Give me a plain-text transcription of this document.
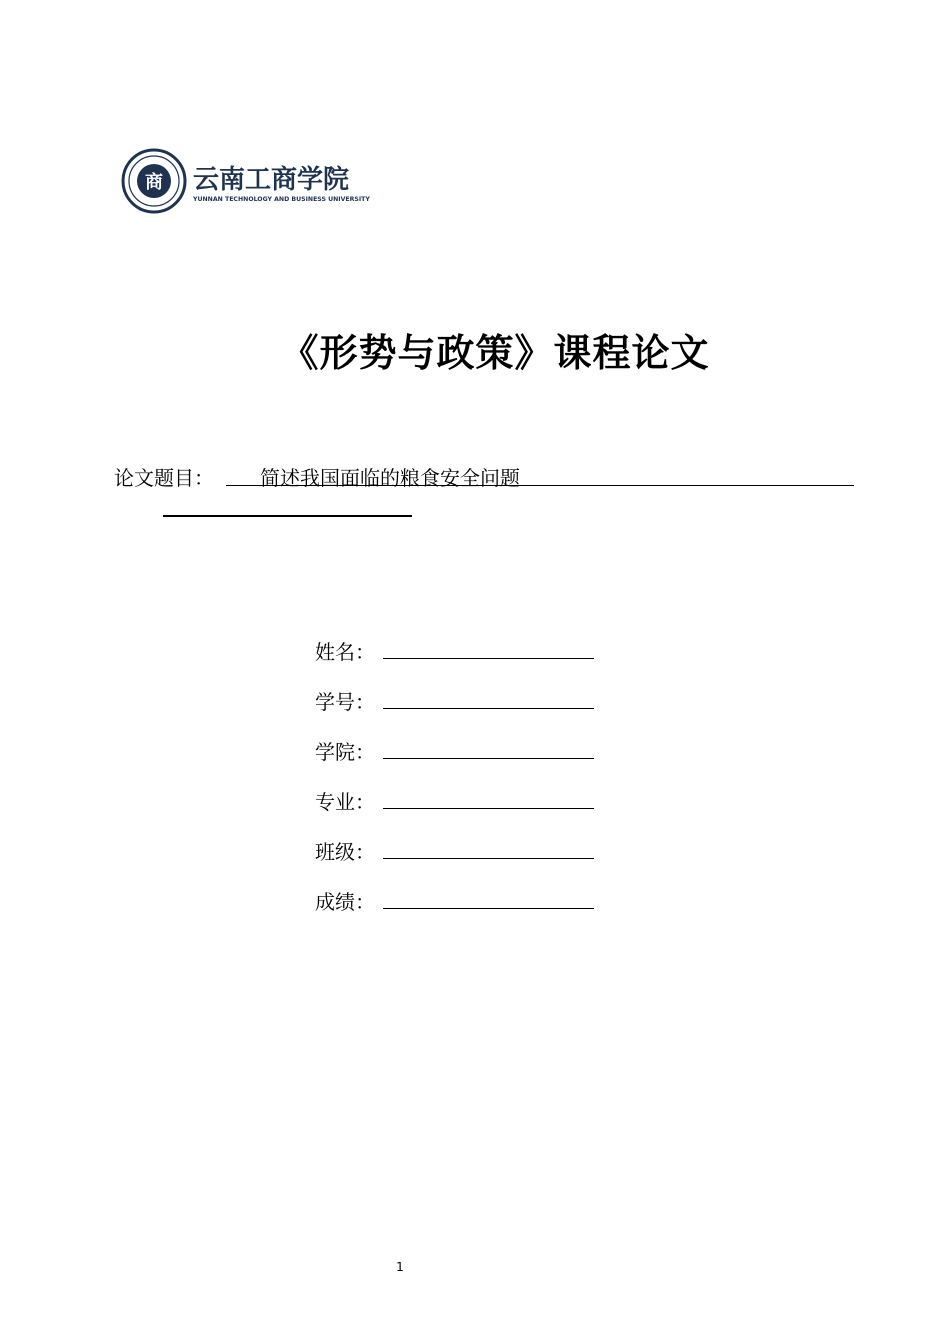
商 云南工商学院
YUNNAN TECHNOLOGY AND BUSINESS UNIVERSITY
《形势与政策》课程论文
论文题目： 简述我国面临的粮食安全问题
姓名：
学号：
学院：
专业：
班级：
成绩：
1
